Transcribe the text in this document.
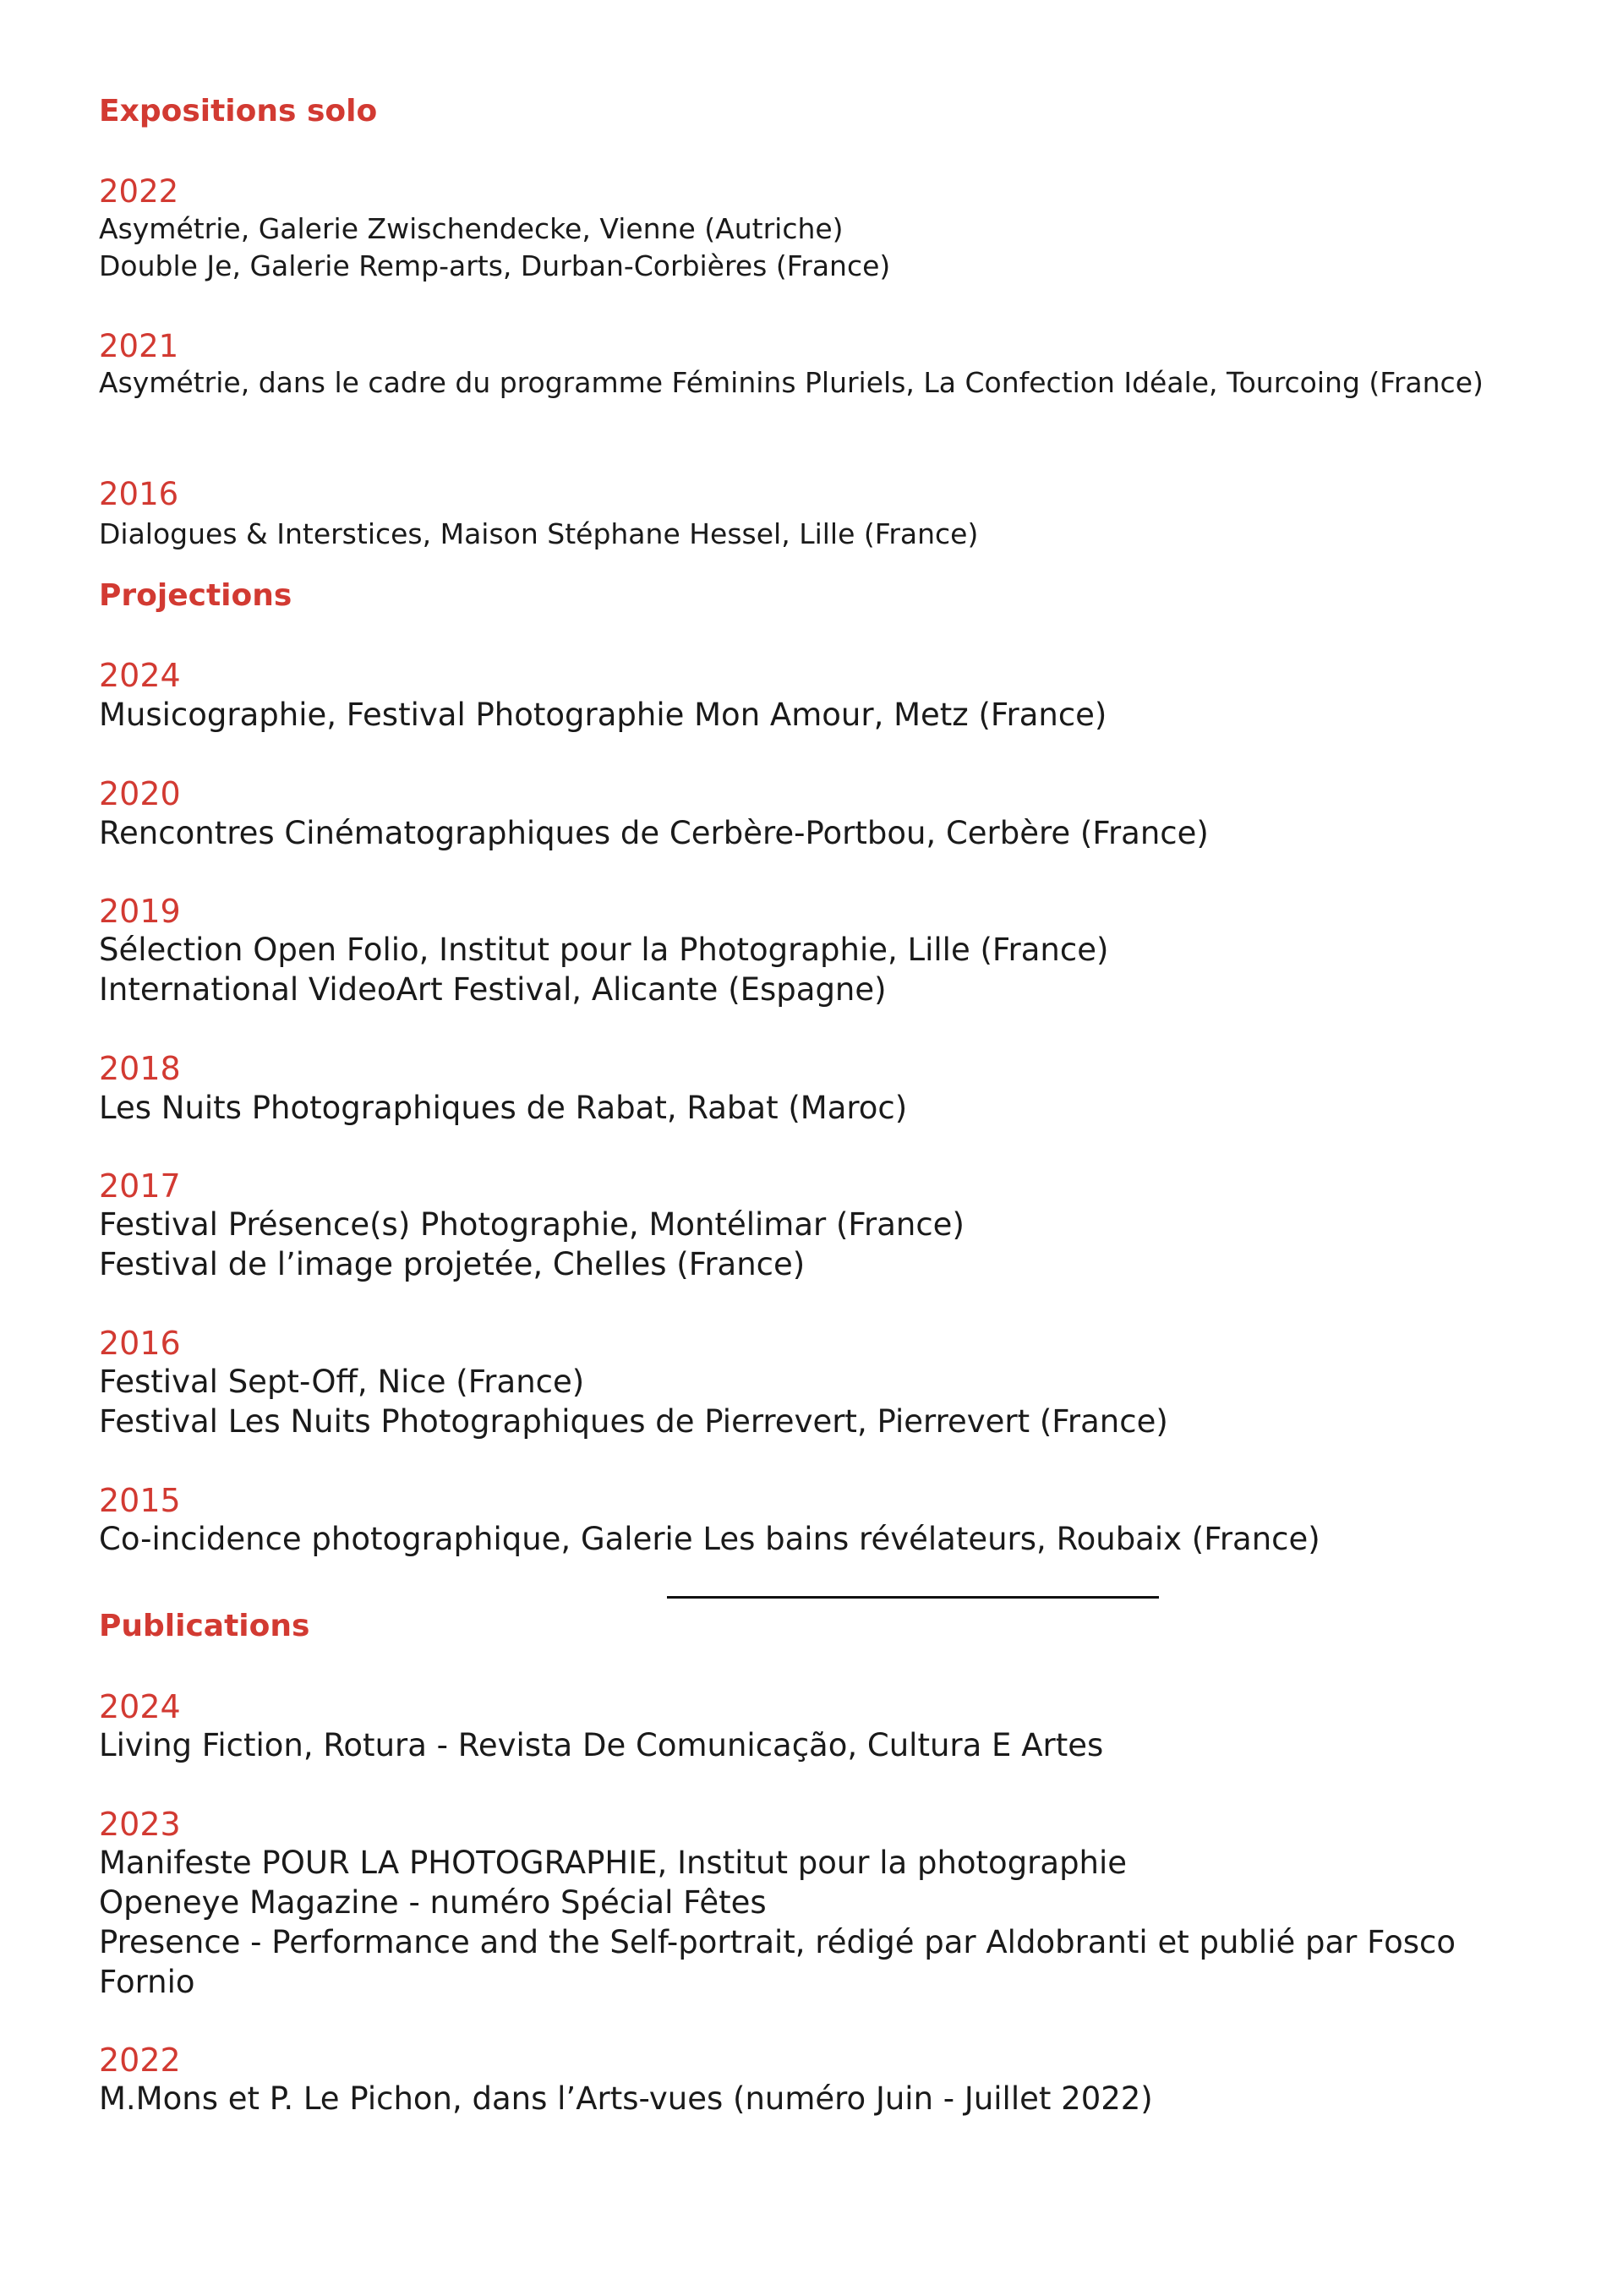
Expositions solo
2022
Asymétrie, Galerie Zwischendecke, Vienne (Autriche)
Double Je, Galerie Remp-arts, Durban-Corbières (France)
2021
Asymétrie, dans le cadre du programme Féminins Pluriels, La Confection Idéale, Tourcoing (France)
2016
Dialogues & Interstices, Maison Stéphane Hessel, Lille (France)
Projections
2024
Musicographie, Festival Photographie Mon Amour, Metz (France)
2020
Rencontres Cinématographiques de Cerbère-Portbou, Cerbère (France)
2019
Sélection Open Folio, Institut pour la Photographie, Lille (France)
International VideoArt Festival, Alicante (Espagne)
2018
Les Nuits Photographiques de Rabat, Rabat (Maroc)
2017
Festival Présence(s) Photographie, Montélimar (France)
Festival de l’image projetée, Chelles (France)
2016
Festival Sept-Off, Nice (France)
Festival Les Nuits Photographiques de Pierrevert, Pierrevert (France)
2015
Co-incidence photographique, Galerie Les bains révélateurs, Roubaix (France)
Publications
2024
Living Fiction, Rotura - Revista De Comunicação, Cultura E Artes
2023
Manifeste POUR LA PHOTOGRAPHIE, Institut pour la photographie
Openeye Magazine - numéro Spécial Fêtes
Presence - Performance and the Self-portrait, rédigé par Aldobranti et publié par Fosco Fornio
2022
M.Mons et P. Le Pichon, dans l’Arts-vues (numéro Juin - Juillet 2022)
